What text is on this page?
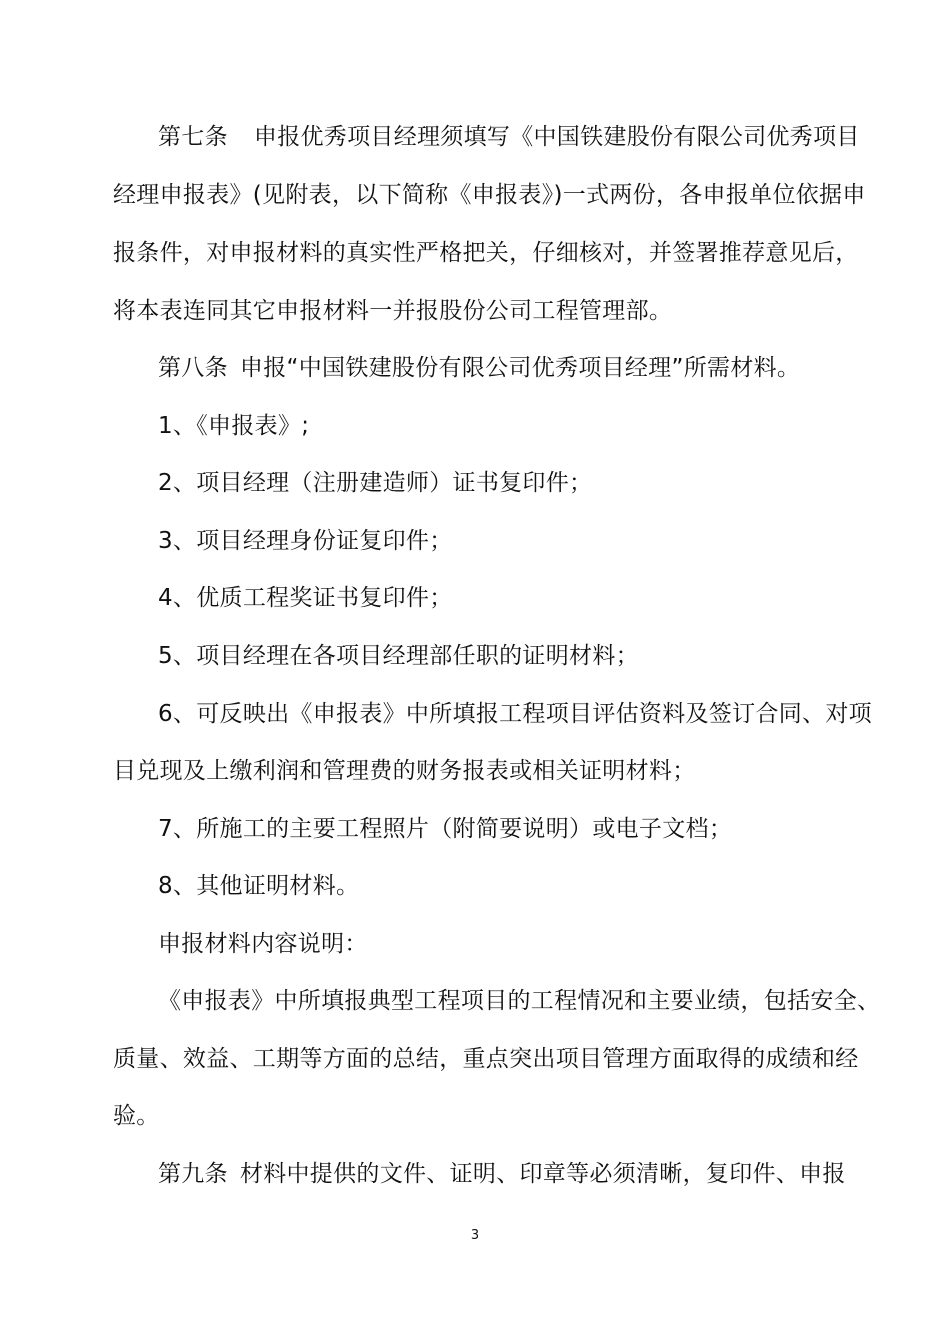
第七条 申报优秀项目经理须填写《中国铁建股份有限公司优秀项目
经理申报表》(见附表，以下简称《申报表》)一式两份，各申报单位依据申
报条件，对申报材料的真实性严格把关，仔细核对，并签署推荐意见后，
将本表连同其它申报材料一并报股份公司工程管理部。
第八条 申报“中国铁建股份有限公司优秀项目经理”所需材料。
1、《申报表》;
2、项目经理（注册建造师）证书复印件；
3、项目经理身份证复印件；
4、优质工程奖证书复印件；
5、项目经理在各项目经理部任职的证明材料；
6、可反映出《申报表》中所填报工程项目评估资料及签订合同、对项
目兑现及上缴利润和管理费的财务报表或相关证明材料；
7、所施工的主要工程照片（附简要说明）或电子文档；
8、其他证明材料。
申报材料内容说明：
《申报表》中所填报典型工程项目的工程情况和主要业绩，包括安全、
质量、效益、工期等方面的总结，重点突出项目管理方面取得的成绩和经
验。
第九条 材料中提供的文件、证明、印章等必须清晰，复印件、申报
3
